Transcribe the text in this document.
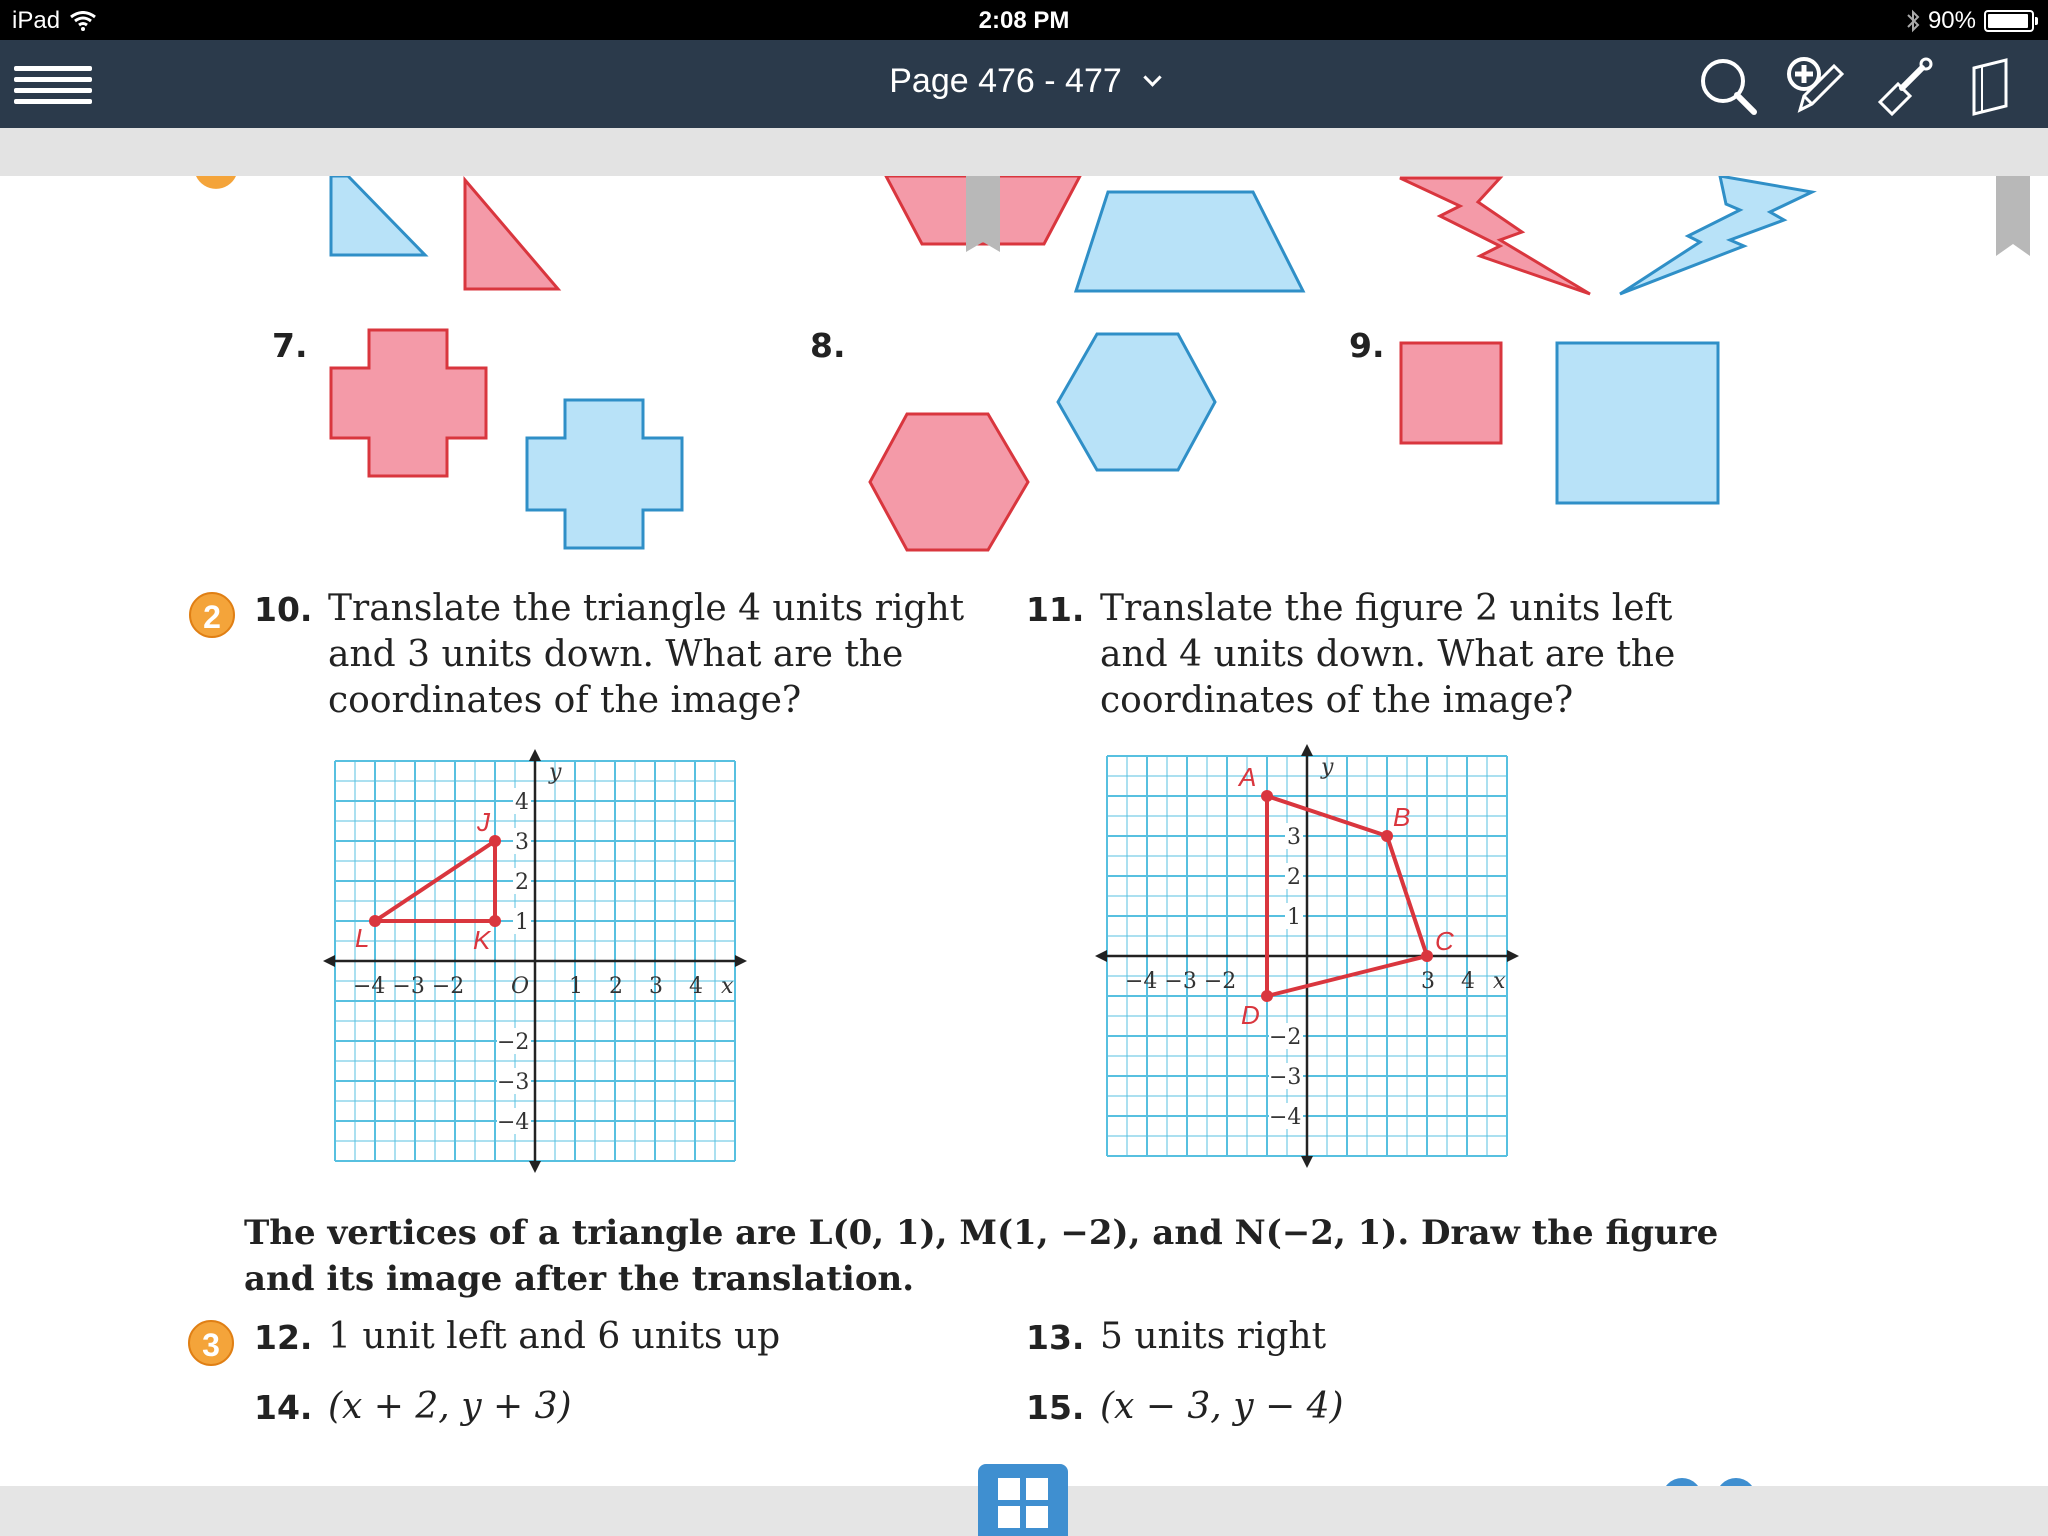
iPad	2:08 PM	90%
Page 476 - 477
7.	8.	9.
2	10. Translate the triangle 4 units right
and 3 units down. What are the
coordinates of the image?
11. Translate the figure 2 units left
and 4 units down. What are the
coordinates of the image?
y
x
O
−4 −3 −2	1 2 3 4
4
3
2
1
−2
−3
−4
J
K
L
y
x
−4 −3 −2	3 4
3
2
1
−2
−3
−4
A
B
C
D
The vertices of a triangle are L(0, 1), M(1, −2), and N(−2, 1). Draw the figure
and its image after the translation.
3	12. 1 unit left and 6 units up	13. 5 units right
14. (x + 2, y + 3)	15. (x − 3, y − 4)
